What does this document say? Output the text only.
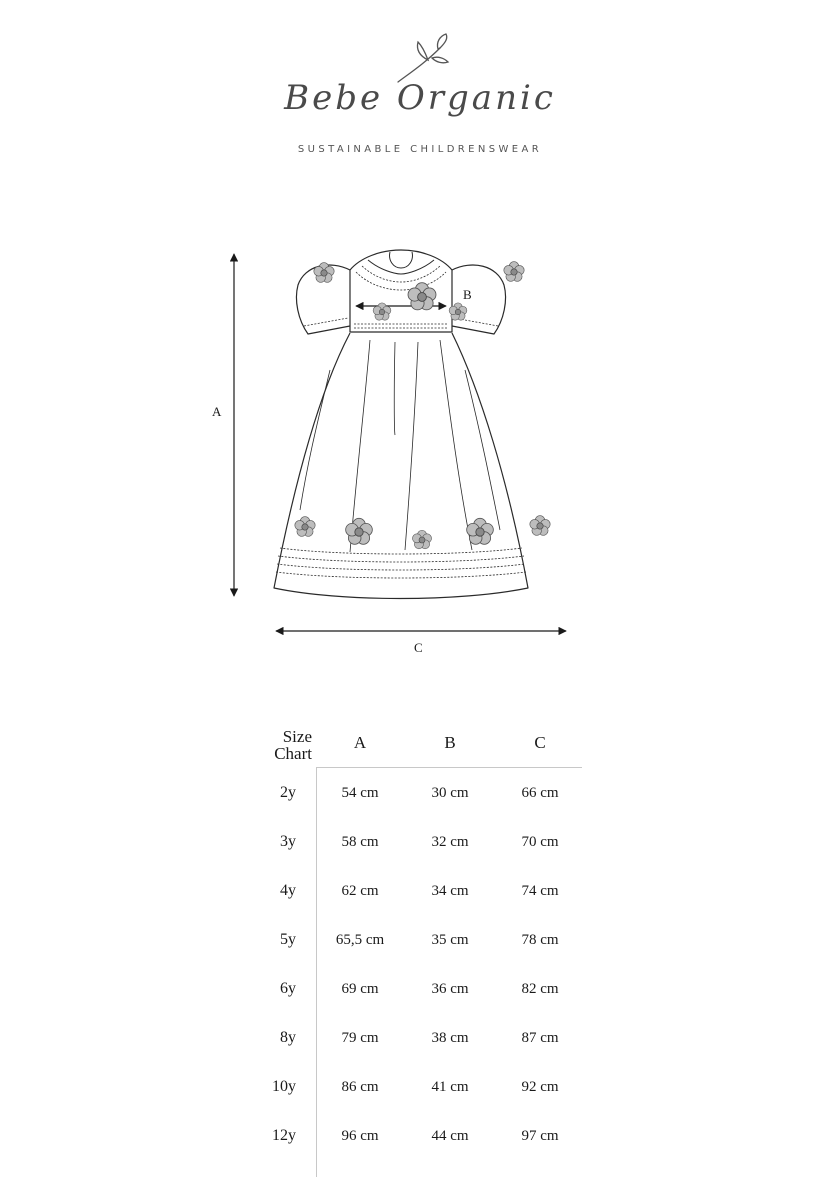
Bebe Organic
SUSTAINABLE CHILDRENSWEAR
A
B
C
Size
Chart
A	B	C
2y	54 cm	30 cm	66 cm
3y	58 cm	32 cm	70 cm
4y	62 cm	34 cm	74 cm
5y	65,5 cm	35 cm	78 cm
6y	69 cm	36 cm	82 cm
8y	79 cm	38 cm	87 cm
10y	86 cm	41 cm	92 cm
12y	96 cm	44 cm	97 cm
